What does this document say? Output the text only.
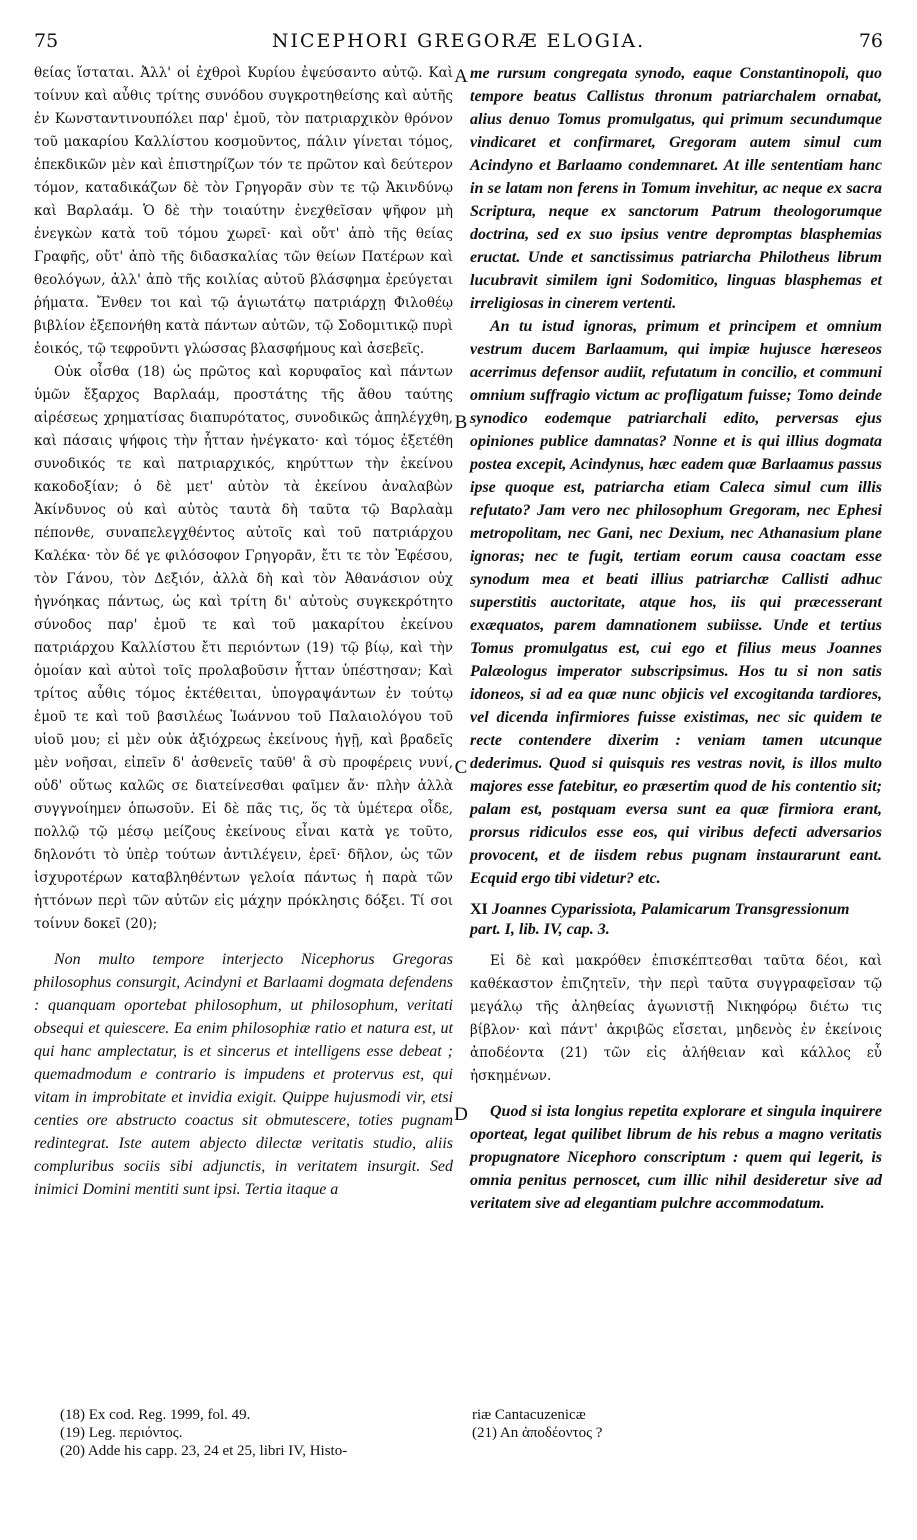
75	NICEPHORI GREGORÆ ELOGIA.	76
A
B
C
D

θείας ἵσταται. Ἀλλ' οἱ ἐχθροὶ Κυρίου ἐψεύσαντο αὐτῷ. Καὶ τοίνυν καὶ αὖθις τρίτης συνόδου συγκροτηθείσης καὶ αὐτῆς ἐν Κωνσταντινουπόλει παρ' ἐμοῦ, τὸν πατριαρχικὸν θρόνον τοῦ μακαρίου Καλλίστου κοσμοῦντος, πάλιν γίνεται τόμος, ἐπεκδικῶν μὲν καὶ ἐπιστηρίζων τόν τε πρῶτον καὶ δεύτερον τόμον, καταδικάζων δὲ τὸν Γρηγορᾶν σὺν τε τῷ Ἀκινδύνῳ καὶ Βαρλαάμ. Ὁ δὲ τὴν τοιαύτην ἐνεχθεῖσαν ψῆφον μὴ ἐνεγκὼν κατὰ τοῦ τόμου χωρεῖ· καὶ οὔτ' ἀπὸ τῆς θείας Γραφῆς, οὔτ' ἀπὸ τῆς διδασκαλίας τῶν θείων Πατέρων καὶ θεολόγων, ἀλλ' ἀπὸ τῆς κοιλίας αὐτοῦ βλάσφημα ἐρεύγεται ῥήματα. Ἔνθεν τοι καὶ τῷ ἁγιωτάτῳ πατριάρχῃ Φιλοθέῳ βιβλίον ἐξεπονήθη κατὰ πάντων αὐτῶν, τῷ Σοδομιτικῷ πυρὶ ἐοικός, τῷ τεφροῦντι γλώσσας βλασφήμους καὶ ἀσεβεῖς.

Οὐκ οἶσθα (18) ὡς πρῶτος καὶ κορυφαῖος καὶ πάντων ὑμῶν ἔξαρχος Βαρλαάμ, προστάτης τῆς ἄθου ταύτης αἱρέσεως χρηματίσας διαπυρότατος, συνοδικῶς ἀπηλέγχθη, καὶ πάσαις ψήφοις τὴν ἧτταν ἠνέγκατο· καὶ τόμος ἐξετέθη συνοδικός τε καὶ πατριαρχικός, κηρύττων τὴν ἐκείνου κακοδοξίαν; ὁ δὲ μετ' αὐτὸν τὰ ἐκείνου ἀναλαβὼν Ἀκίνδυνος οὐ καὶ αὐτὸς ταυτὰ δὴ ταῦτα τῷ Βαρλαὰμ πέπονθε, συναπελεγχθέντος αὐτοῖς καὶ τοῦ πατριάρχου Καλέκα· τὸν δέ γε φιλόσοφον Γρηγορᾶν, ἔτι τε τὸν Ἐφέσου, τὸν Γάνου, τὸν Δεξιόν, ἀλλὰ δὴ καὶ τὸν Ἀθανάσιον οὐχ ἠγνόηκας πάντως, ὡς καὶ τρίτη δι' αὐτοὺς συγκεκρότητο σύνοδος παρ' ἐμοῦ τε καὶ τοῦ μακαρίτου ἐκείνου πατριάρχου Καλλίστου ἔτι περιόντων (19) τῷ βίῳ, καὶ τὴν ὁμοίαν καὶ αὐτοὶ τοῖς προλαβοῦσιν ἧτταν ὑπέστησαν; Καὶ τρίτος αὖθις τόμος ἐκτέθειται, ὑπογραψάντων ἐν τούτῳ ἐμοῦ τε καὶ τοῦ βασιλέως Ἰωάννου τοῦ Παλαιολόγου τοῦ υἱοῦ μου; εἰ μὲν οὐκ ἀξιόχρεως ἐκείνους ἡγῇ, καὶ βραδεῖς μὲν νοῆσαι, εἰπεῖν δ' ἀσθενεῖς ταῦθ' ἃ σὺ προφέρεις νυνί, οὐδ' οὕτως καλῶς σε διατείνεσθαι φαῖμεν ἄν· πλὴν ἀλλὰ συγγνοίημεν ὁπωσοῦν. Εἰ δὲ πᾶς τις, ὅς τὰ ὑμέτερα οἶδε, πολλῷ τῷ μέσῳ μείζους ἐκείνους εἶναι κατὰ γε τοῦτο, δηλονότι τὸ ὑπὲρ τούτων ἀντιλέγειν, ἐρεῖ· δῆλον, ὡς τῶν ἰσχυροτέρων καταβληθέντων γελοία πάντως ἡ παρὰ τῶν ἡττόνων περὶ τῶν αὐτῶν εἰς μάχην πρόκλησις δόξει. Τί σοι τοίνυν δοκεῖ (20);

Non multo tempore interjecto Nicephorus Gregoras philosophus consurgit, Acindyni et Barlaami dogmata defendens : quanquam oportebat philosophum, ut philosophum, veritati obsequi et quiescere. Ea enim philosophiæ ratio et natura est, ut qui hanc amplectatur, is et sincerus et intelligens esse debeat ; quemadmodum e contrario is impudens et protervus est, qui vitam in improbitate et invidia exigit. Quippe hujusmodi vir, etsi centies ore abstructo coactus sit obmutescere, toties pugnam redintegrat. Iste autem abjecto dilectæ veritatis studio, aliis compluribus sociis sibi adjunctis, in veritatem insurgit. Sed inimici Domini mentiti sunt ipsi. Tertia itaque a

me rursum congregata synodo, eaque Constantinopoli, quo tempore beatus Callistus thronum patriarchalem ornabat, alius denuo Tomus promulgatus, qui primum secundumque vindicaret et confirmaret, Gregoram autem simul cum Acindyno et Barlaamo condemnaret. At ille sententiam hanc in se latam non ferens in Tomum invehitur, ac neque ex sacra Scriptura, neque ex sanctorum Patrum theologorumque doctrina, sed ex suo ipsius ventre depromptas blasphemias eructat. Unde et sanctissimus patriarcha Philotheus librum lucubravit similem igni Sodomitico, linguas blasphemas et irreligiosas in cinerem vertenti.

An tu istud ignoras, primum et principem et omnium vestrum ducem Barlaamum, qui impiæ hujusce hæreseos acerrimus defensor audiit, refutatum in concilio, et communi omnium suffragio victum ac profligatum fuisse; Tomo deinde synodico eodemque patriarchali edito, perversas ejus opiniones publice damnatas? Nonne et is qui illius dogmata postea excepit, Acindynus, hæc eadem quæ Barlaamus passus ipse quoque est, patriarcha etiam Caleca simul cum illis refutato? Jam vero nec philosophum Gregoram, nec Ephesi metropolitam, nec Gani, nec Dexium, nec Athanasium plane ignoras; nec te fugit, tertiam eorum causa coactam esse synodum mea et beati illius patriarchæ Callisti adhuc superstitis auctoritate, atque hos, iis qui præcesserant exæquatos, parem damnationem subiisse. Unde et tertius Tomus promulgatus est, cui ego et filius meus Joannes Palæologus imperator subscripsimus. Hos tu si non satis idoneos, si ad ea quæ nunc objicis vel excogitanda tardiores, vel dicenda infirmiores fuisse existimas, nec sic quidem te recte contendere dixerim : veniam tamen utcunque dederimus. Quod si quisquis res vestras novit, is illos multo majores esse fatebitur, eo præsertim quod de his contentio sit; palam est, postquam eversa sunt ea quæ firmiora erant, prorsus ridiculos esse eos, qui viribus defecti adversarios provocent, et de iisdem rebus pugnam instaurarunt eant. Ecquid ergo tibi videtur? etc.

XI Joannes Cyparissiota, Palamicarum Transgressionum part. I, lib. IV, cap. 3.

Εἰ δὲ καὶ μακρόθεν ἐπισκέπτεσθαι ταῦτα δέοι, καὶ καθέκαστον ἐπιζητεῖν, τὴν περὶ ταῦτα συγγραφεῖσαν τῷ μεγάλῳ τῆς ἀληθείας ἀγωνιστῇ Νικηφόρῳ διέτω τις βίβλον· καὶ πάντ' ἀκριβῶς εἴσεται, μηδενὸς ἐν ἐκείνοις ἀποδέοντα (21) τῶν εἰς ἀλήθειαν καὶ κάλλος εὖ ἠσκημένων.

Quod si ista longius repetita explorare et singula inquirere oporteat, legat quilibet librum de his rebus a magno veritatis propugnatore Nicephoro conscriptum : quem qui legerit, is omnia penitus pernoscet, cum illic nihil desideretur sive ad veritatem sive ad elegantiam pulchre accommodatum.

(18) Ex cod. Reg. 1999, fol. 49.
(19) Leg. περιόντος.
(20) Adde his capp. 23, 24 et 25, libri IV, Histo-
riæ Cantacuzenicæ
(21) An ἀποδέοντος ?
